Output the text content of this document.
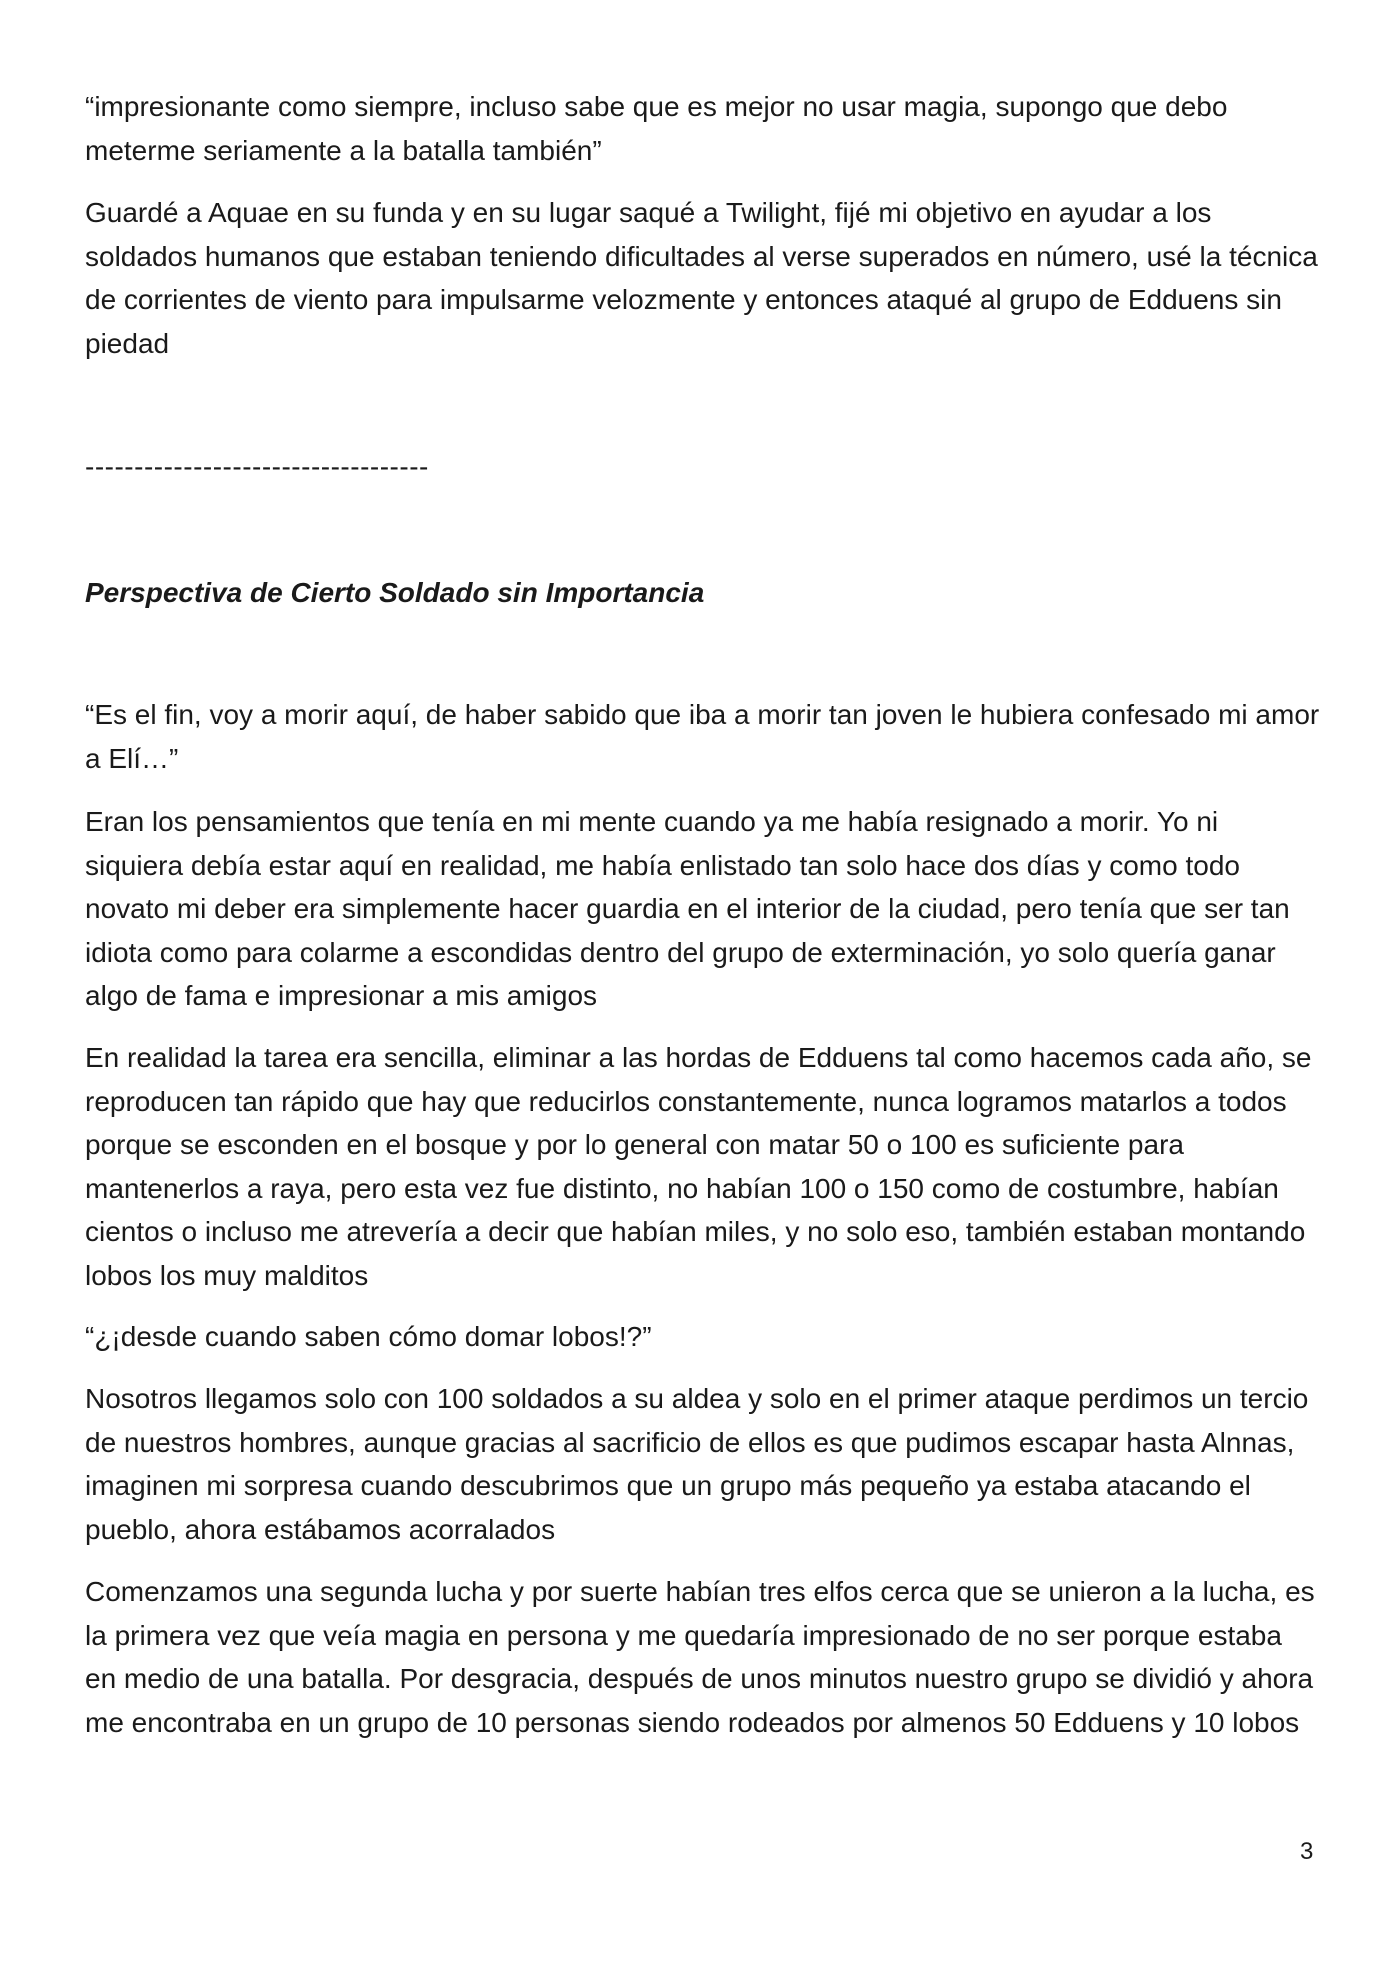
“impresionante como siempre, incluso sabe que es mejor no usar magia, supongo que debo meterme seriamente a la batalla también”

Guardé a Aquae en su funda y en su lugar saqué a Twilight, fijé mi objetivo en ayudar a los soldados humanos que estaban teniendo dificultades al verse superados en número, usé la técnica de corrientes de viento para impulsarme velozmente y entonces ataqué al grupo de Edduens sin piedad

-----------------------------------

Perspectiva de Cierto Soldado sin Importancia

“Es el fin, voy a morir aquí, de haber sabido que iba a morir tan joven le hubiera confesado mi amor a Elí…”

Eran los pensamientos que tenía en mi mente cuando ya me había resignado a morir. Yo ni siquiera debía estar aquí en realidad, me había enlistado tan solo hace dos días y como todo novato mi deber era simplemente hacer guardia en el interior de la ciudad, pero tenía que ser tan idiota como para colarme a escondidas dentro del grupo de exterminación, yo solo quería ganar algo de fama e impresionar a mis amigos

En realidad la tarea era sencilla, eliminar a las hordas de Edduens tal como hacemos cada año, se reproducen tan rápido que hay que reducirlos constantemente, nunca logramos matarlos a todos porque se esconden en el bosque y por lo general con matar 50 o 100 es suficiente para mantenerlos a raya, pero esta vez fue distinto, no habían 100 o 150 como de costumbre, habían cientos o incluso me atrevería a decir que habían miles, y no solo eso, también estaban montando lobos los muy malditos

“¿¡desde cuando saben cómo domar lobos!?”

Nosotros llegamos solo con 100 soldados a su aldea y solo en el primer ataque perdimos un tercio de nuestros hombres, aunque gracias al sacrificio de ellos es que pudimos escapar hasta Alnnas, imaginen mi sorpresa cuando descubrimos que un grupo más pequeño ya estaba atacando el pueblo, ahora estábamos acorralados

Comenzamos una segunda lucha y por suerte habían tres elfos cerca que se unieron a la lucha, es la primera vez que veía magia en persona y me quedaría impresionado de no ser porque estaba en medio de una batalla. Por desgracia, después de unos minutos nuestro grupo se dividió y ahora me encontraba en un grupo de 10 personas siendo rodeados por almenos 50 Edduens y 10 lobos

3
